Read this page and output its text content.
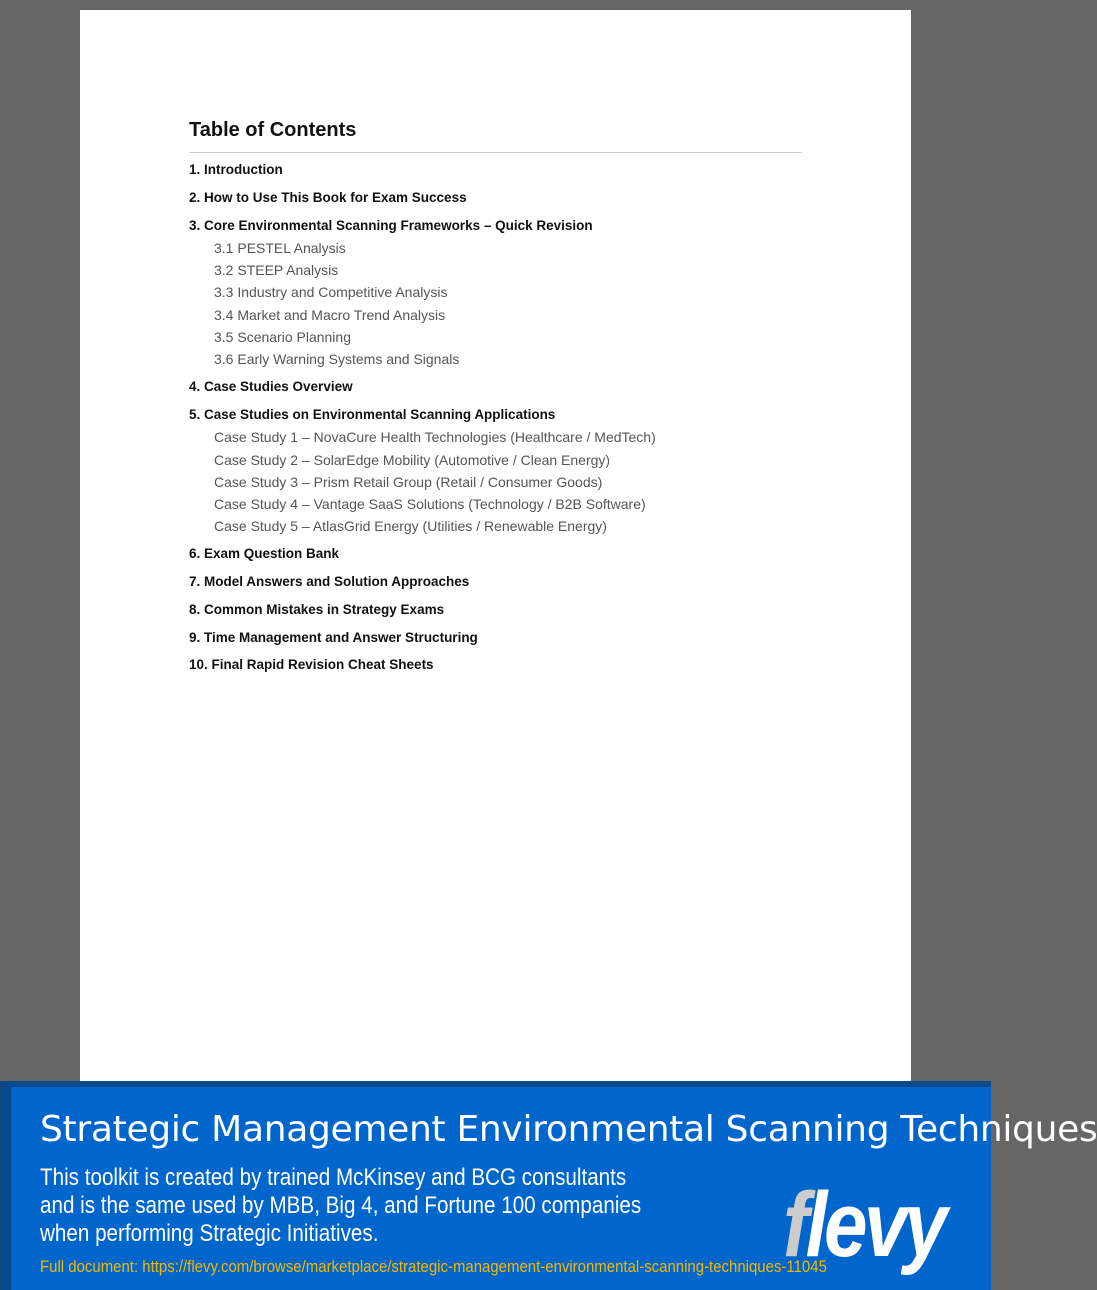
Table of Contents
1. Introduction
2. How to Use This Book for Exam Success
3. Core Environmental Scanning Frameworks – Quick Revision
3.1 PESTEL Analysis
3.2 STEEP Analysis
3.3 Industry and Competitive Analysis
3.4 Market and Macro Trend Analysis
3.5 Scenario Planning
3.6 Early Warning Systems and Signals
4. Case Studies Overview
5. Case Studies on Environmental Scanning Applications
Case Study 1 – NovaCure Health Technologies (Healthcare / MedTech)
Case Study 2 – SolarEdge Mobility (Automotive / Clean Energy)
Case Study 3 – Prism Retail Group (Retail / Consumer Goods)
Case Study 4 – Vantage SaaS Solutions (Technology / B2B Software)
Case Study 5 – AtlasGrid Energy (Utilities / Renewable Energy)
6. Exam Question Bank
7. Model Answers and Solution Approaches
8. Common Mistakes in Strategy Exams
9. Time Management and Answer Structuring
10. Final Rapid Revision Cheat Sheets
Strategic Management Environmental Scanning Techniques
This toolkit is created by trained McKinsey and BCG consultants and is the same used by MBB, Big 4, and Fortune 100 companies when performing Strategic Initiatives.
Full document: https://flevy.com/browse/marketplace/strategic-management-environmental-scanning-techniques-11045
flevy
